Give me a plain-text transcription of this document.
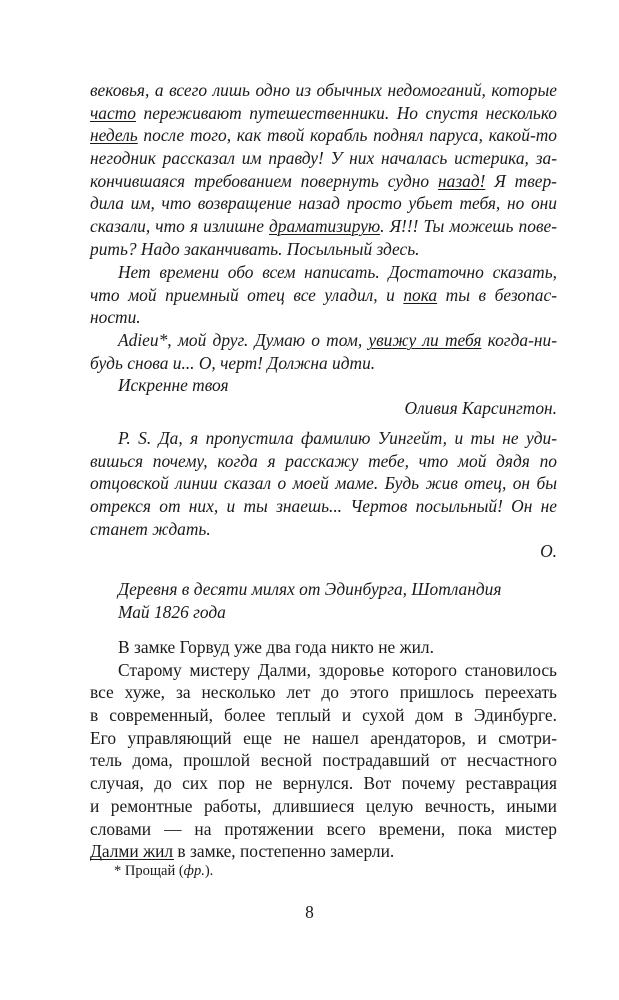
вековья, а всего лишь одно из обычных недомоганий, которые
часто переживают путешественники. Но спустя несколько
недель после того, как твой корабль поднял паруса, какой-то
негодник рассказал им правду! У них началась истерика, за-
кончившаяся требованием повернуть судно назад! Я твер-
дила им, что возвращение назад просто убьет тебя, но они
сказали, что я излишне драматизирую. Я!!! Ты можешь пове-
рить? Надо заканчивать. Посыльный здесь.
Нет времени обо всем написать. Достаточно сказать,
что мой приемный отец все уладил, и пока ты в безопас-
ности.
Adieu*, мой друг. Думаю о том, увижу ли тебя когда-ни-
будь снова и... О, черт! Должна идти.
Искренне твоя
Оливия Карсингтон.
P. S. Да, я пропустила фамилию Уингейт, и ты не уди-
вишься почему, когда я расскажу тебе, что мой дядя по
отцовской линии сказал о моей маме. Будь жив отец, он бы
отрекся от них, и ты знаешь... Чертов посыльный! Он не
станет ждать.
О.
Деревня в десяти милях от Эдинбурга, Шотландия
Май 1826 года
В замке Горвуд уже два года никто не жил.
Старому мистеру Далми, здоровье которого становилось
все хуже, за несколько лет до этого пришлось переехать
в современный, более теплый и сухой дом в Эдинбурге.
Его управляющий еще не нашел арендаторов, и смотри-
тель дома, прошлой весной пострадавший от несчастного
случая, до сих пор не вернулся. Вот почему реставрация
и ремонтные работы, длившиеся целую вечность, иными
словами — на протяжении всего времени, пока мистер
Далми жил в замке, постепенно замерли.
* Прощай (фр.).
8
